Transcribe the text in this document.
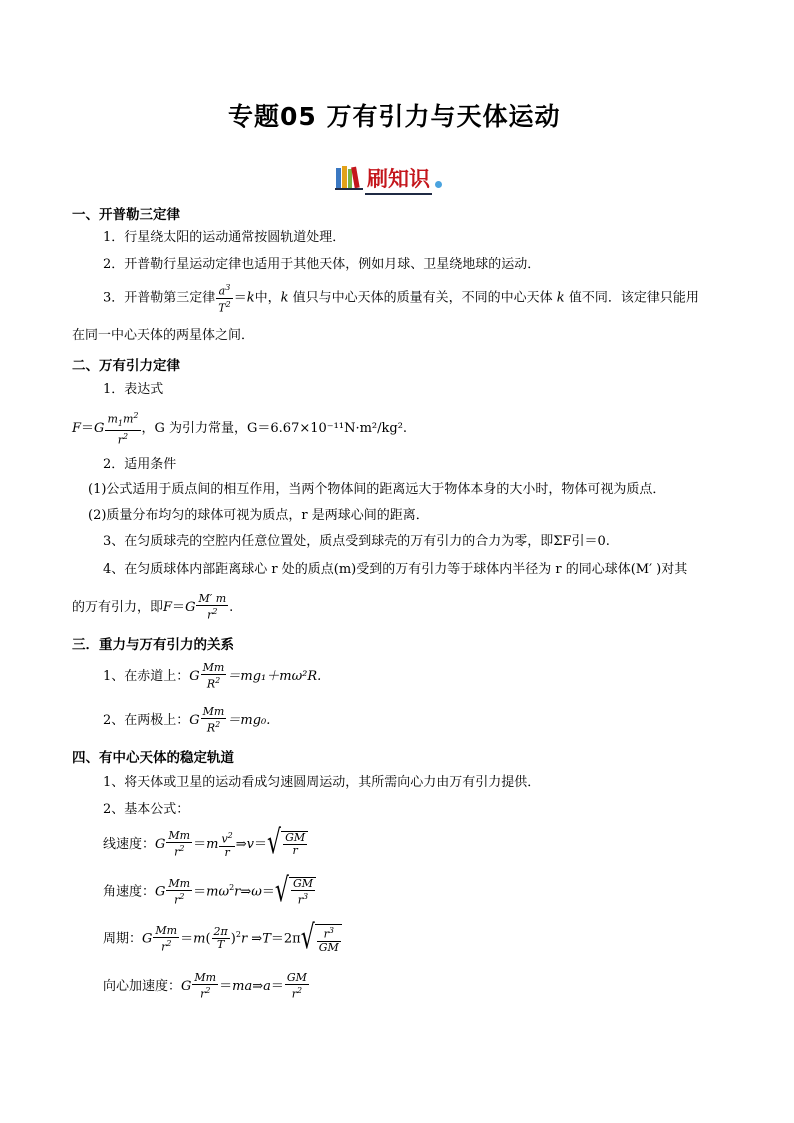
专题05 万有引力与天体运动
刷知识
一、开普勒三定律
1．行星绕太阳的运动通常按圆轨道处理．
2．开普勒行星运动定律也适用于其他天体，例如月球、卫星绕地球的运动．
3．开普勒第三定律 $\frac{a^3}{T^2} =k$中，k 值只与中心天体的质量有关，不同的中心天体 k 值不同．该定律只能用
在同一中心天体的两星体之间．
二、万有引力定律
1．表达式
$F=G \frac{m_1m^2}{r^2}$ ，G 为引力常量，G＝6.67×10⁻¹¹N·m²/kg².
2．适用条件
(1)公式适用于质点间的相互作用，当两个物体间的距离远大于物体本身的大小时，物体可视为质点．
(2)质量分布均匀的球体可视为质点，r 是两球心间的距离．
3、在匀质球壳的空腔内任意位置处，质点受到球壳的万有引力的合力为零，即ΣF引＝0.
4、在匀质球体内部距离球心 r 处的质点(m)受到的万有引力等于球体内半径为 r 的同心球体(M′ )对其
的万有引力，即$F=G \frac{M' m}{r^2}$ .
三．重力与万有引力的关系
1、在赤道上：G $\frac{Mm}{R^2} =mg_1+m\omega^2R$.
2、在两极上：G $\frac{Mm}{R^2} =mg_0$.
四、有中心天体的稳定轨道
1、将天体或卫星的运动看成匀速圆周运动，其所需向心力由万有引力提供．
2、基本公式：
线速度：G $\frac{Mm}{r^2} =m \frac{v^2}{r}$ ⇒v＝ √ $\frac{GM}{r}$
角速度：G $\frac{Mm}{r^2}$ $=m\omega^2r\Rightarrow\omega=$ √ $\frac{GM}{r^3}$
周期：G $\frac{Mm}{r^2} =m( \frac{2\pi}{T} )^2r$ ⇒T＝2π √ $\frac{r^3}{GM}$
向心加速度：G $\frac{Mm}{r^2}$ ＝ma⇒a＝ $\frac{GM}{r^2}$
